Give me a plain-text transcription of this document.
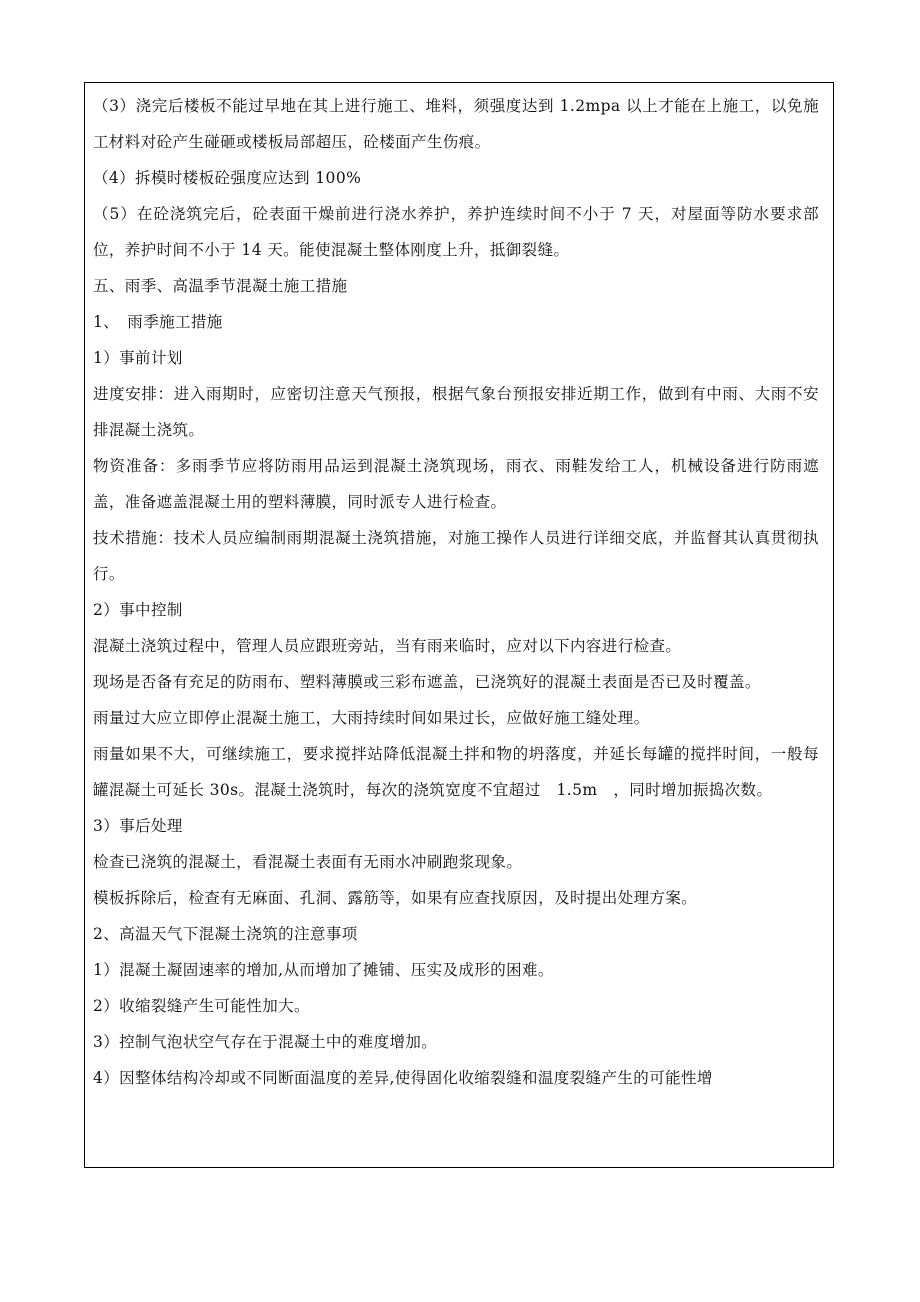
（3）浇完后楼板不能过早地在其上进行施工、堆料，须强度达到 1.2mpa 以上才能在上施工，以免施工材料对砼产生碰砸或楼板局部超压，砼楼面产生伤痕。

（4）拆模时楼板砼强度应达到 100%

（5）在砼浇筑完后，砼表面干燥前进行浇水养护，养护连续时间不小于 7 天，对屋面等防水要求部位，养护时间不小于 14 天。能使混凝土整体刚度上升，抵御裂缝。

五、雨季、高温季节混凝土施工措施

1、　雨季施工措施

1）事前计划

进度安排：进入雨期时，应密切注意天气预报，根据气象台预报安排近期工作，做到有中雨、大雨不安排混凝土浇筑。

物资准备：多雨季节应将防雨用品运到混凝土浇筑现场，雨衣、雨鞋发给工人，机械设备进行防雨遮盖，准备遮盖混凝土用的塑料薄膜，同时派专人进行检查。

技术措施：技术人员应编制雨期混凝土浇筑措施，对施工操作人员进行详细交底，并监督其认真贯彻执行。

2）事中控制

混凝土浇筑过程中，管理人员应跟班旁站，当有雨来临时，应对以下内容进行检查。

现场是否备有充足的防雨布、塑料薄膜或三彩布遮盖，已浇筑好的混凝土表面是否已及时覆盖。

雨量过大应立即停止混凝土施工，大雨持续时间如果过长，应做好施工缝处理。

雨量如果不大，可继续施工，要求搅拌站降低混凝土拌和物的坍落度，并延长每罐的搅拌时间，一般每罐混凝土可延长 30s。混凝土浇筑时，每次的浇筑宽度不宜超过　1.5m　，同时增加振捣次数。

3）事后处理

检查已浇筑的混凝土，看混凝土表面有无雨水冲刷跑浆现象。

模板拆除后，检查有无麻面、孔洞、露筋等，如果有应查找原因，及时提出处理方案。

2、高温天气下混凝土浇筑的注意事项

1）混凝土凝固速率的增加,从而增加了摊铺、压实及成形的困难。

2）收缩裂缝产生可能性加大。

3）控制气泡状空气存在于混凝土中的难度增加。

4）因整体结构冷却或不同断面温度的差异,使得固化收缩裂缝和温度裂缝产生的可能性增
